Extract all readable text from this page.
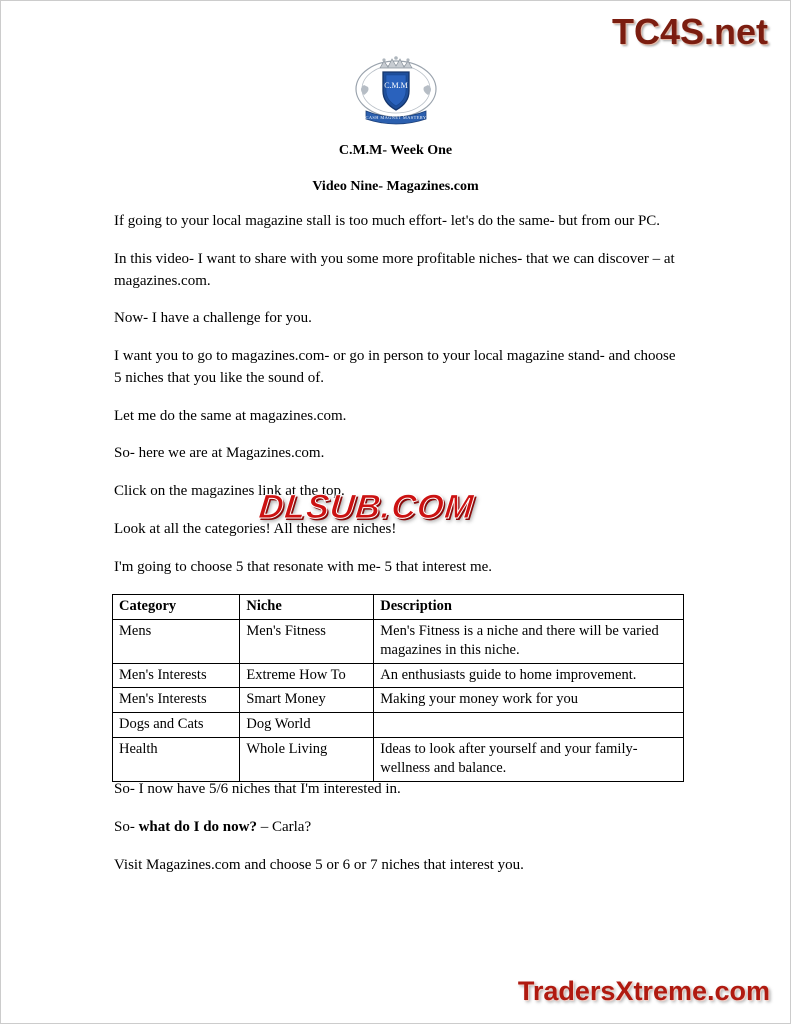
TC4S.net
C.M.M
CASH MAGNET MASTERY
C.M.M- Week One
Video Nine- Magazines.com

If going to your local magazine stall is too much effort- let's do the same- but from our PC.

In this video- I want to share with you some more profitable niches- that we can discover – at magazines.com.

Now- I have a challenge for you.

I want you to go to magazines.com- or go in person to your local magazine stand- and choose 5 niches that you like the sound of.

Let me do the same at magazines.com.

So- here we are at Magazines.com.

Click on the magazines link at the top.

Look at all the categories! All these are niches!

I'm going to choose 5 that resonate with me- 5 that interest me.

Category	Niche	Description
Mens	Men's Fitness	Men's Fitness is a niche and there will be varied magazines in this niche.
Men's Interests	Extreme How To	An enthusiasts guide to home improvement.
Men's Interests	Smart Money	Making your money work for you
Dogs and Cats	Dog World	
Health	Whole Living	Ideas to look after yourself and your family- wellness and balance.

So- I now have 5/6 niches that I'm interested in.

So- what do I do now? – Carla?

Visit Magazines.com and choose 5 or 6 or 7 niches that interest you.

DLSUB.COM
TradersXtreme.com
